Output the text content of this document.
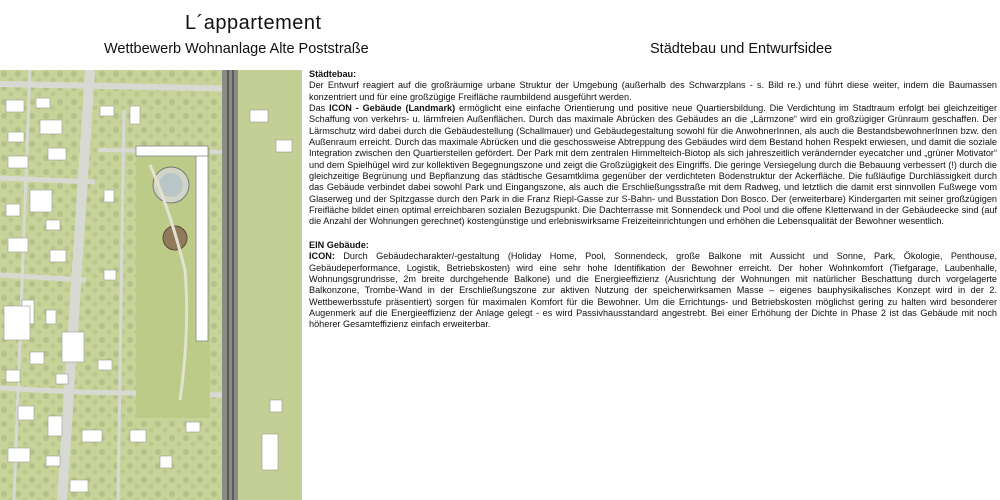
L´appartement
Wettbewerb Wohnanlage Alte Poststraße	Städtebau und Entwurfsidee

Städtebau:

Der Entwurf reagiert auf die großräumige urbane Struktur der Umgebung (außerhalb des Schwarzplans - s. Bild re.) und führt diese weiter, indem die Baumassen konzentriert und für eine großzügige Freifläche raumbildend ausgeführt werden.

Das ICON - Gebäude (Landmark) ermöglicht eine einfache Orientierung und positive neue Quartiersbildung. Die Verdichtung im Stadtraum erfolgt bei gleichzeitiger Schaffung von verkehrs- u. lärmfreien Außenflächen. Durch das maximale Abrücken des Gebäudes an die „Lärmzone“ wird ein großzügiger Grünraum geschaffen. Der Lärmschutz wird dabei durch die Gebäudestellung (Schallmauer) und Gebäudegestaltung sowohl für die AnwohnerInnen, als auch die BestandsbewohnerInnen bzw. den Außenraum erreicht. Durch das maximale Abrücken und die geschossweise Abtreppung des Gebäudes wird dem Bestand hohen Respekt erwiesen, und damit die soziale Integration zwischen den Quartiersteilen gefördert. Der Park mit dem zentralen Himmelteich-Biotop als sich jahreszeitlich verändernder eyecatcher und „grüner Motivator“ und dem Spielhügel wird zur kollektiven Begegnungszone und zeigt die Großzügigkeit des Eingriffs. Die geringe Versiegelung durch die Bebauung verbessert (!) durch die gleichzeitige Begrünung und Bepflanzung das städtische Gesamtklima gegenüber der verdichteten Bodenstruktur der Ackerfläche. Die fußläufige Durchlässigkeit durch das Gebäude verbindet dabei sowohl Park und Eingangszone, als auch die Erschließungsstraße mit dem Radweg, und letztlich die damit erst sinnvollen Fußwege vom Glaserweg und der Spitzgasse durch den Park in die Franz Riepl-Gasse zur S-Bahn- und Busstation Don Bosco. Der (erweiterbare) Kindergarten mit seiner großzügigen Freifläche bildet einen optimal erreichbaren sozialen Bezugspunkt. Die Dachterrasse mit Sonnendeck und Pool und die offene Kletterwand in der Gebäudeecke sind (auf die Anzahl der Wohnungen gerechnet) kostengünstige und erlebniswirksame Freizeiteinrichtungen und erhöhen die Lebensqualität der Bewohner wesentlich.

EIN Gebäude:

ICON: Durch Gebäudecharakter/-gestaltung (Holiday Home, Pool, Sonnendeck, große Balkone mit Aussicht und Sonne, Park, Ökologie, Penthouse, Gebäudeperformance, Logistik, Betriebskosten) wird eine sehr hohe Identifikation der Bewohner erreicht. Der hoher Wohnkomfort (Tiefgarage, Laubenhalle, Wohnungsgrundrisse, 2m breite durchgehende Balkone) und die Energieeffizienz (Ausrichtung der Wohnungen mit natürlicher Beschattung durch vorgelagerte Balkonzone, Trombe-Wand in der Erschließungszone zur aktiven Nutzung der speicherwirksamen Masse – eigenes bauphysikalisches Konzept wird in der 2. Wettbewerbsstufe präsentiert) sorgen für maximalen Komfort für die Bewohner. Um die Errichtungs- und Betriebskosten möglichst gering zu halten wird besonderer Augenmerk auf die Energieeffizienz der Anlage gelegt - es wird Passivhausstandard angestrebt. Bei einer Erhöhung der Dichte in Phase 2 ist das Gebäude mit noch höherer Gesamteffizienz einfach erweiterbar.
